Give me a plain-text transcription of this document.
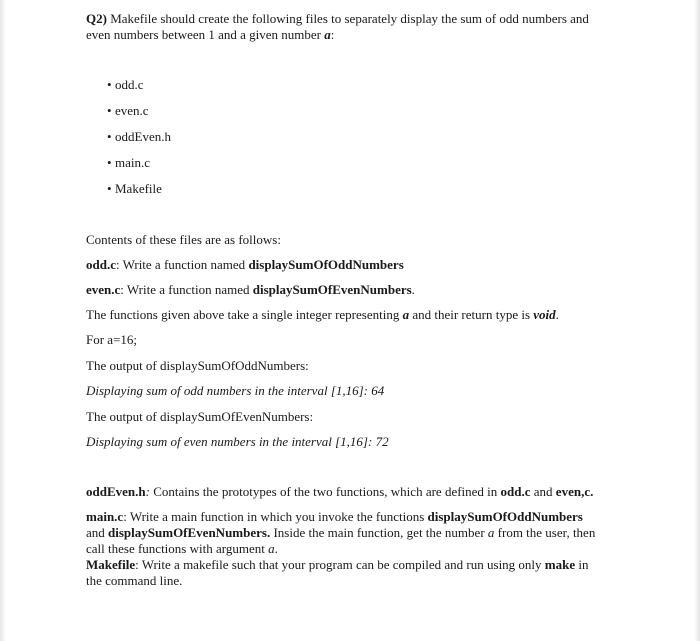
Q2) Makefile should create the following files to separately display the sum of odd numbers and
even numbers between 1 and a given number a:
• odd.c
• even.c
• oddEven.h
• main.c
• Makefile
Contents of these files are as follows:
odd.c: Write a function named displaySumOfOddNumbers
even.c: Write a function named displaySumOfEvenNumbers.
The functions given above take a single integer representing a and their return type is void.
For a=16;
The output of displaySumOfOddNumbers:
Displaying sum of odd numbers in the interval [1,16]: 64
The output of displaySumOfEvenNumbers:
Displaying sum of even numbers in the interval [1,16]: 72
oddEven.h: Contains the prototypes of the two functions, which are defined in odd.c and even,c.
main.c: Write a main function in which you invoke the functions displaySumOfOddNumbers
and displaySumOfEvenNumbers. Inside the main function, get the number a from the user, then
call these functions with argument a.
Makefile: Write a makefile such that your program can be compiled and run using only make in
the command line.
